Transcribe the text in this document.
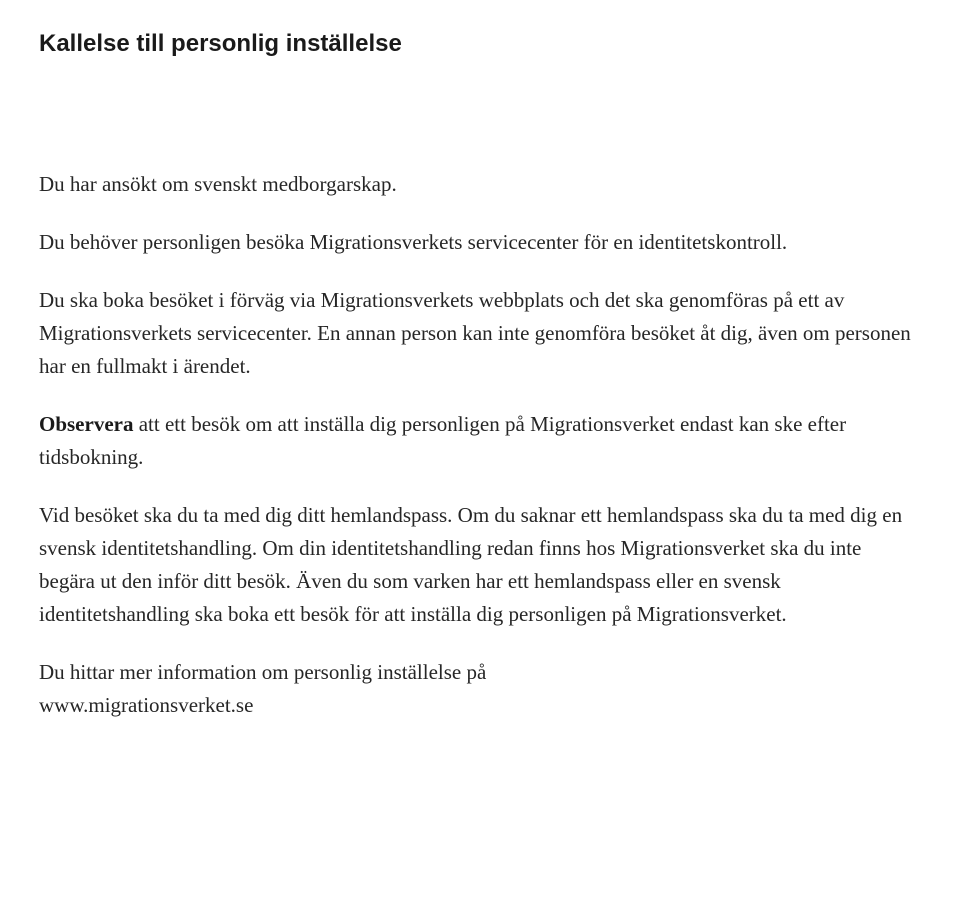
Kallelse till personlig inställelse

Du har ansökt om svenskt medborgarskap.

Du behöver personligen besöka Migrationsverkets servicecenter för en identitetskontroll.

Du ska boka besöket i förväg via Migrationsverkets webbplats och det ska genomföras på ett av Migrationsverkets servicecenter. En annan person kan inte genomföra besöket åt dig, även om personen har en fullmakt i ärendet.

Observera att ett besök om att inställa dig personligen på Migrationsverket endast kan ske efter tidsbokning.

Vid besöket ska du ta med dig ditt hemlandspass. Om du saknar ett hemlandspass ska du ta med dig en svensk identitetshandling. Om din identitetshandling redan finns hos Migrationsverket ska du inte begära ut den inför ditt besök. Även du som varken har ett hemlandspass eller en svensk identitetshandling ska boka ett besök för att inställa dig personligen på Migrationsverket.

Du hittar mer information om personlig inställelse på
www.migrationsverket.se
